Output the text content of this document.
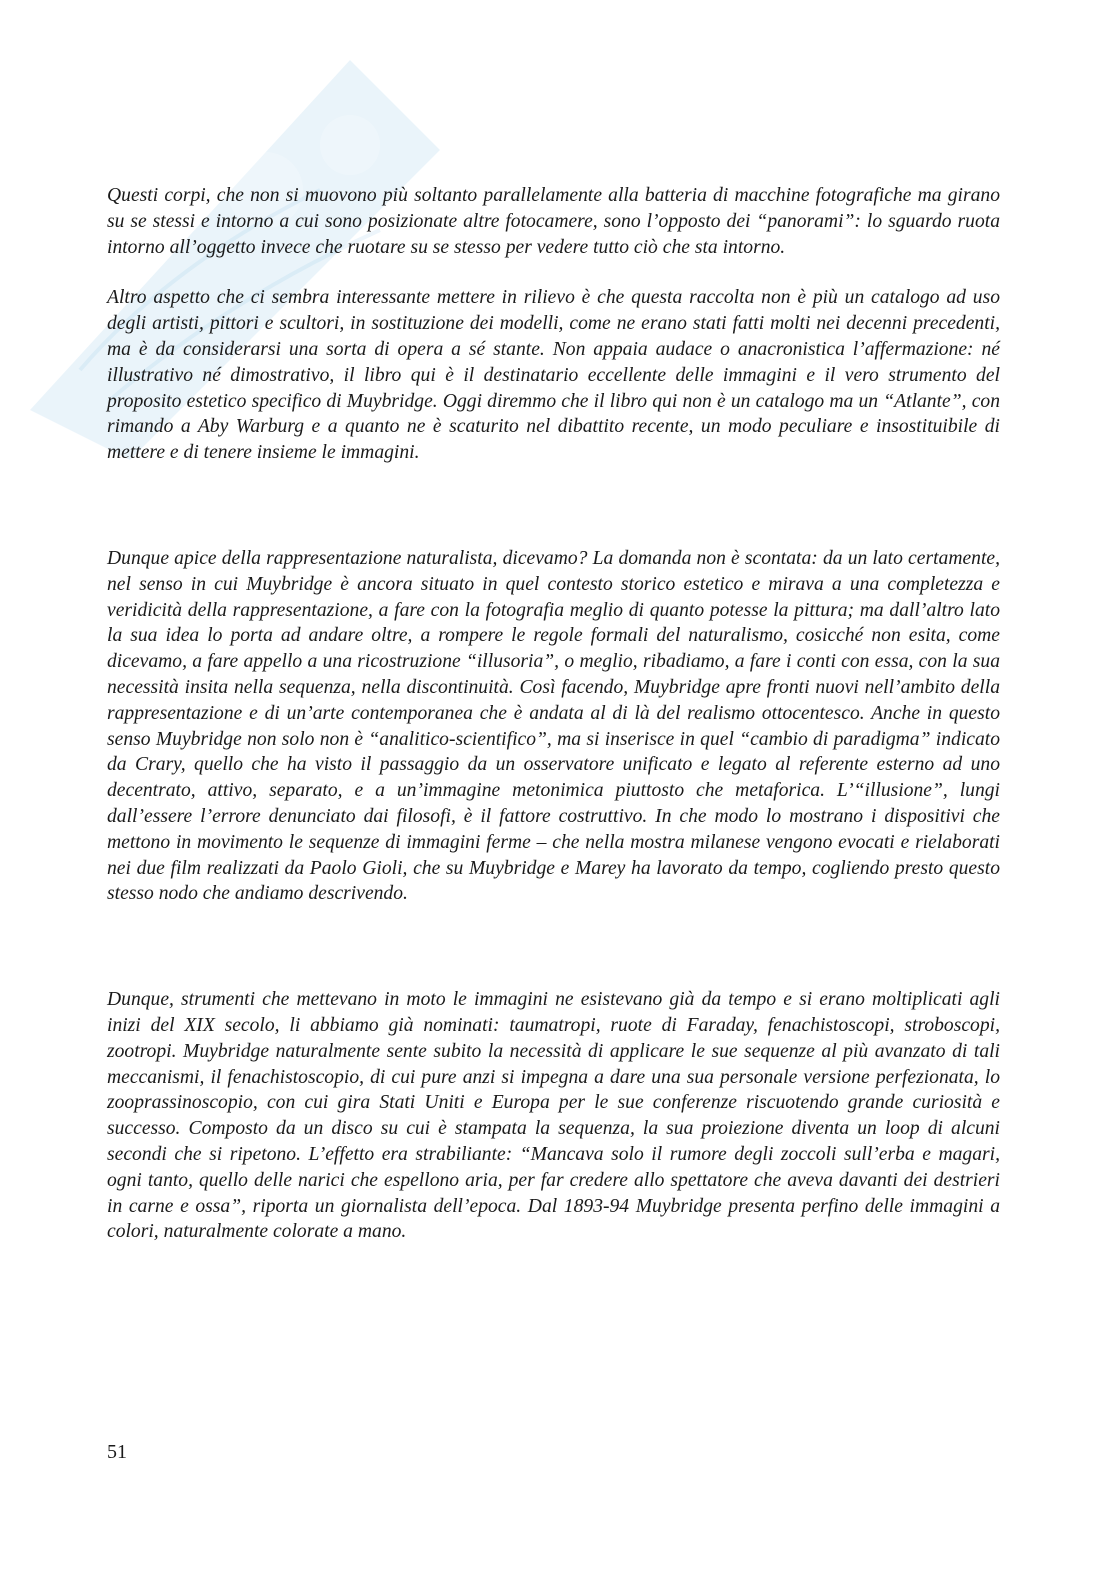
Questi corpi, che non si muovono più soltanto parallelamente alla batteria di macchine fotografiche ma girano su se stessi e intorno a cui sono posizionate altre fotocamere, sono l’opposto dei “panorami”: lo sguardo ruota intorno all’oggetto invece che ruotare su se stesso per vedere tutto ciò che sta intorno.

Altro aspetto che ci sembra interessante mettere in rilievo è che questa raccolta non è più un catalogo ad uso degli artisti, pittori e scultori, in sostituzione dei modelli, come ne erano stati fatti molti nei decenni precedenti, ma è da considerarsi una sorta di opera a sé stante. Non appaia audace o anacronistica l’affermazione: né illustrativo né dimostrativo, il libro qui è il destinatario eccellente delle immagini e il vero strumento del proposito estetico specifico di Muybridge. Oggi diremmo che il libro qui non è un catalogo ma un “Atlante”, con rimando a Aby Warburg e a quanto ne è scaturito nel dibattito recente, un modo peculiare e insostituibile di mettere e di tenere insieme le immagini.

Dunque apice della rappresentazione naturalista, dicevamo? La domanda non è scontata: da un lato certamente, nel senso in cui Muybridge è ancora situato in quel contesto storico estetico e mirava a una completezza e veridicità della rappresentazione, a fare con la fotografia meglio di quanto potesse la pittura; ma dall’altro lato la sua idea lo porta ad andare oltre, a rompere le regole formali del naturalismo, cosicché non esita, come dicevamo, a fare appello a una ricostruzione “illusoria”, o meglio, ribadiamo, a fare i conti con essa, con la sua necessità insita nella sequenza, nella discontinuità. Così facendo, Muybridge apre fronti nuovi nell’ambito della rappresentazione e di un’arte contemporanea che è andata al di là del realismo ottocentesco. Anche in questo senso Muybridge non solo non è “analitico-scientifico”, ma si inserisce in quel “cambio di paradigma” indicato da Crary, quello che ha visto il passaggio da un osservatore unificato e legato al referente esterno ad uno decentrato, attivo, separato, e a un’immagine metonimica piuttosto che metaforica. L’“illusione”, lungi dall’essere l’errore denunciato dai filosofi, è il fattore costruttivo. In che modo lo mostrano i dispositivi che mettono in movimento le sequenze di immagini ferme – che nella mostra milanese vengono evocati e rielaborati nei due film realizzati da Paolo Gioli, che su Muybridge e Marey ha lavorato da tempo, cogliendo presto questo stesso nodo che andiamo descrivendo.

Dunque, strumenti che mettevano in moto le immagini ne esistevano già da tempo e si erano moltiplicati agli inizi del XIX secolo, li abbiamo già nominati: taumatropi, ruote di Faraday, fenachistoscopi, stroboscopi, zootropi. Muybridge naturalmente sente subito la necessità di applicare le sue sequenze al più avanzato di tali meccanismi, il fenachistoscopio, di cui pure anzi si impegna a dare una sua personale versione perfezionata, lo zooprassinoscopio, con cui gira Stati Uniti e Europa per le sue conferenze riscuotendo grande curiosità e successo. Composto da un disco su cui è stampata la sequenza, la sua proiezione diventa un loop di alcuni secondi che si ripetono. L’effetto era strabiliante: “Mancava solo il rumore degli zoccoli sull’erba e magari, ogni tanto, quello delle narici che espellono aria, per far credere allo spettatore che aveva davanti dei destrieri in carne e ossa”, riporta un giornalista dell’epoca. Dal 1893-94 Muybridge presenta perfino delle immagini a colori, naturalmente colorate a mano.

51
